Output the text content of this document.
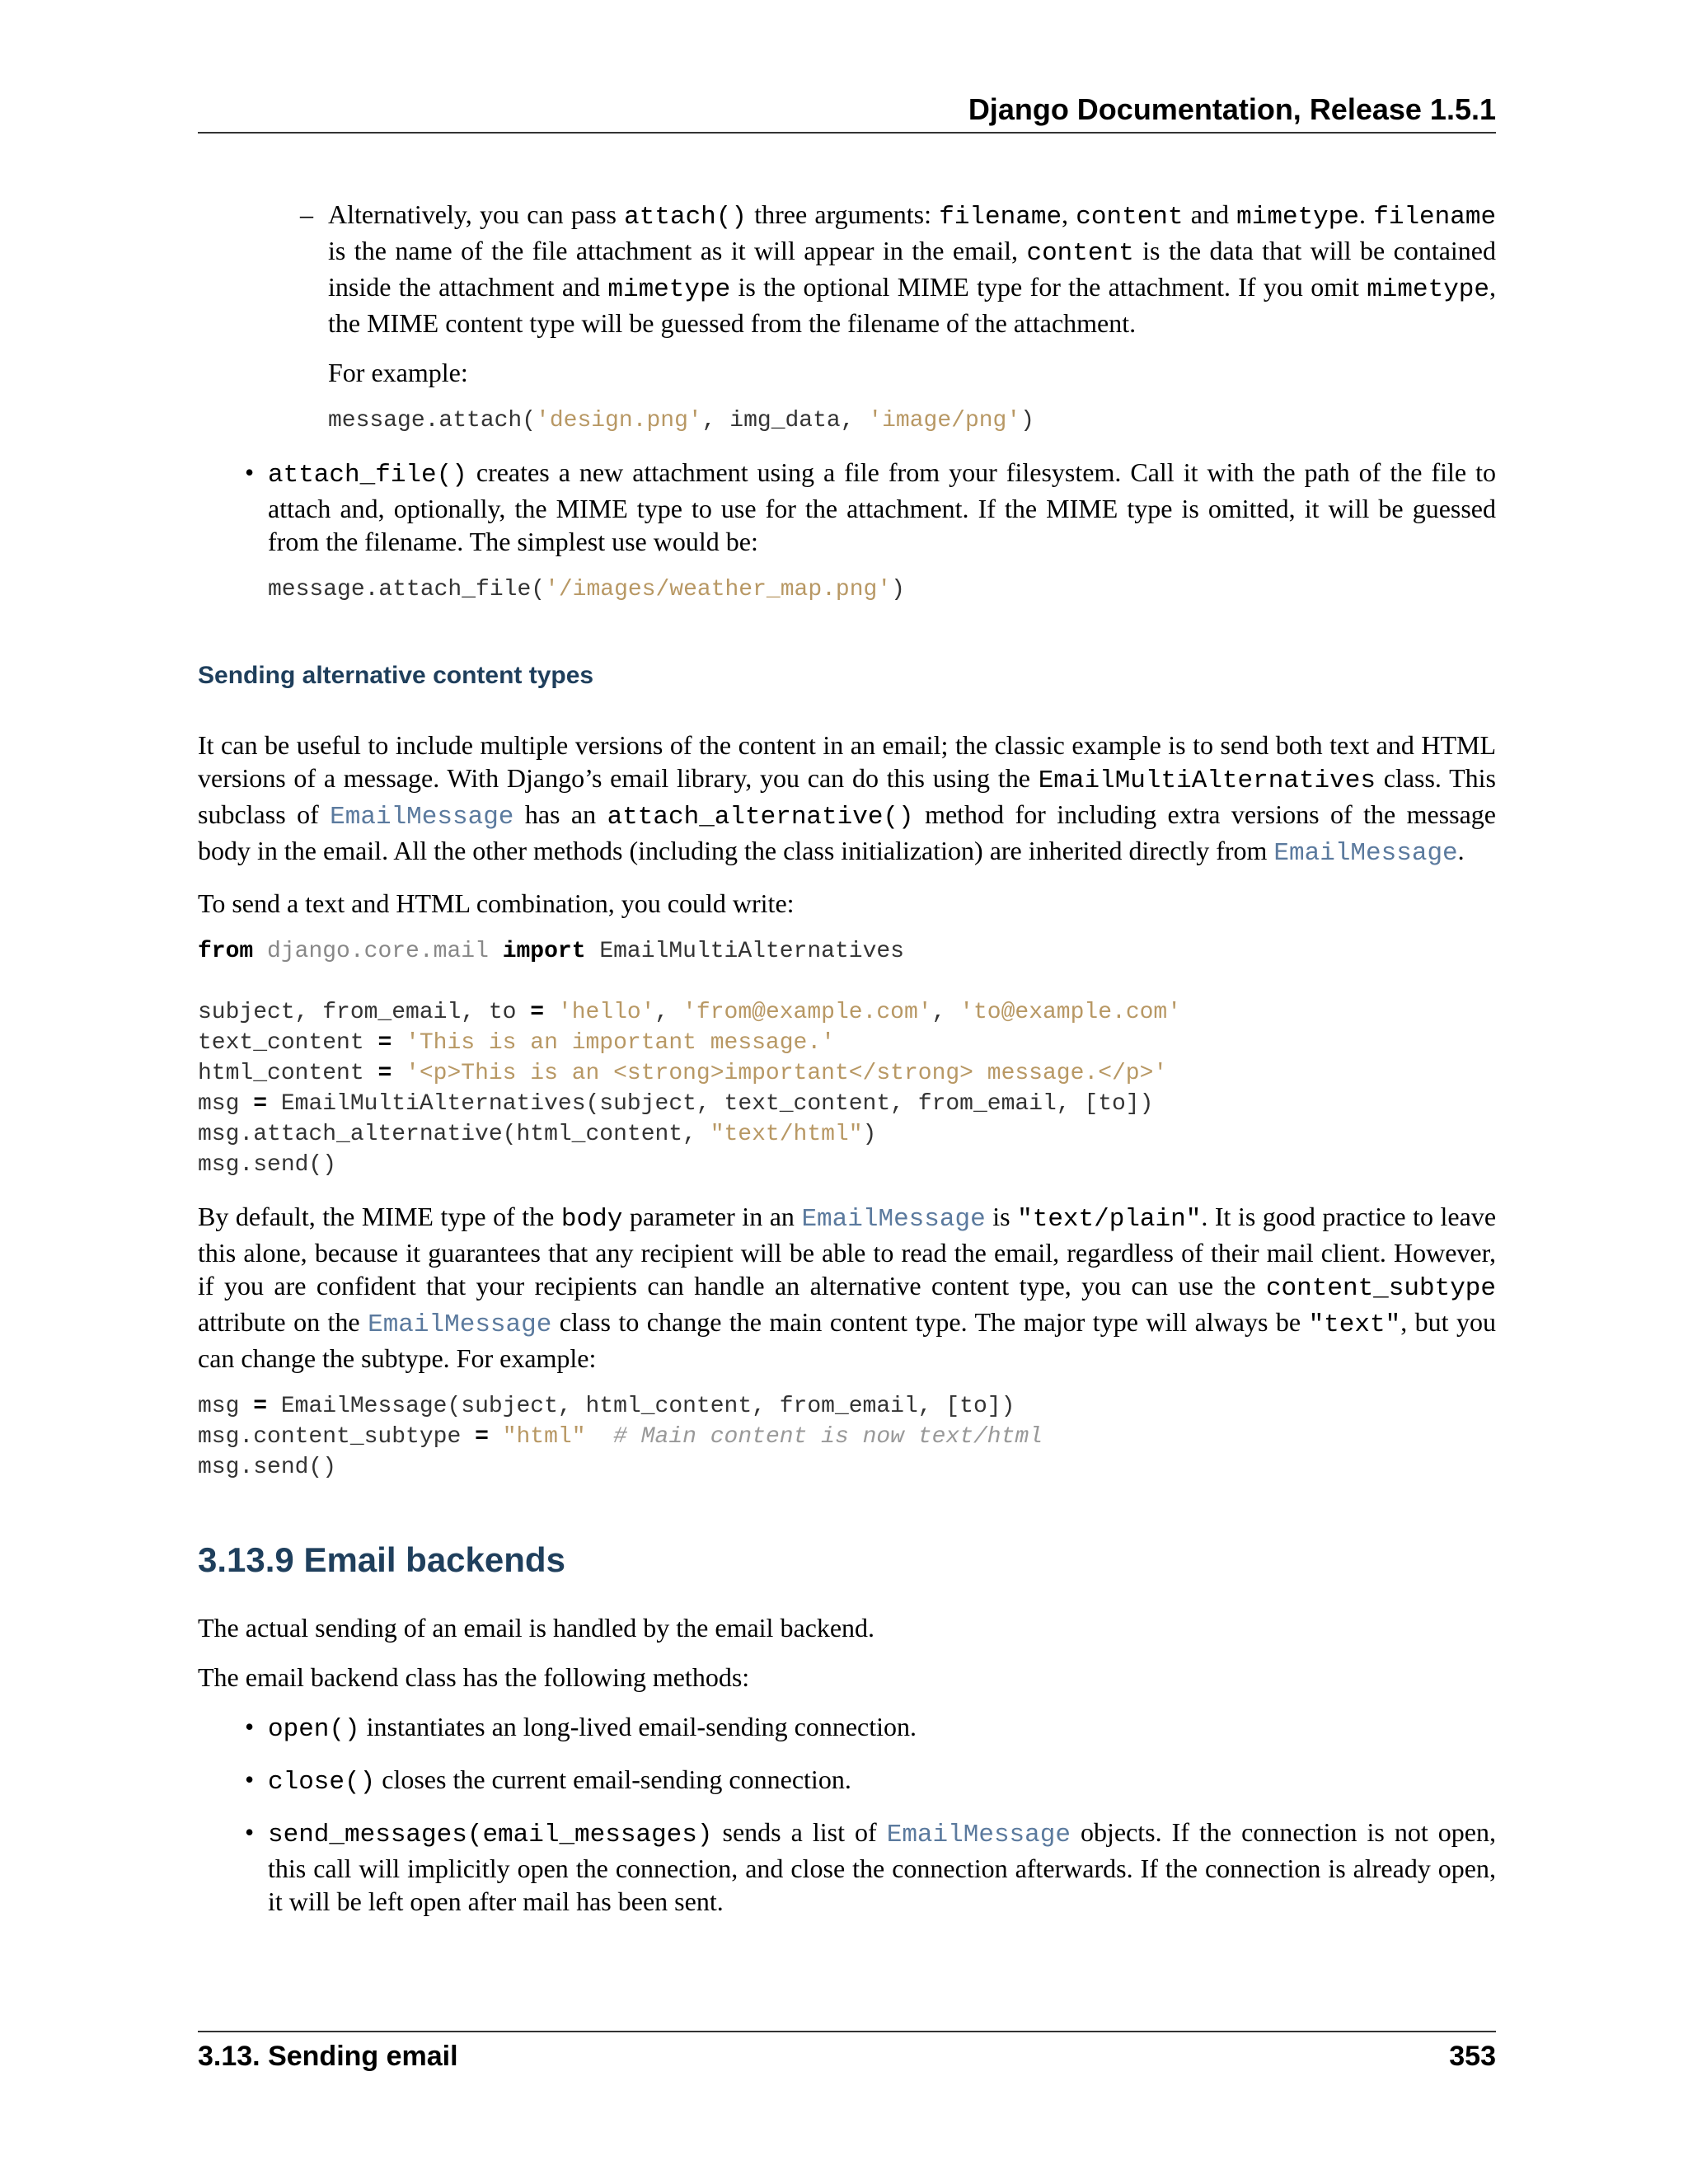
Django Documentation, Release 1.5.1
– Alternatively, you can pass attach() three arguments: filename, content and mimetype. filename is the name of the file attachment as it will appear in the email, content is the data that will be contained inside the attachment and mimetype is the optional MIME type for the attachment. If you omit mimetype, the MIME content type will be guessed from the filename of the attachment.

For example:

message.attach('design.png', img_data, 'image/png')
• attach_file() creates a new attachment using a file from your filesystem. Call it with the path of the file to attach and, optionally, the MIME type to use for the attachment. If the MIME type is omitted, it will be guessed from the filename. The simplest use would be:

message.attach_file('/images/weather_map.png')
Sending alternative content types

It can be useful to include multiple versions of the content in an email; the classic example is to send both text and HTML versions of a message. With Django’s email library, you can do this using the EmailMultiAlternatives class. This subclass of EmailMessage has an attach_alternative() method for including extra versions of the message body in the email. All the other methods (including the class initialization) are inherited directly from EmailMessage.

To send a text and HTML combination, you could write:

from django.core.mail import EmailMultiAlternatives

subject, from_email, to = 'hello', 'from@example.com', 'to@example.com'
text_content = 'This is an important message.'
html_content = '<p>This is an <strong>important</strong> message.</p>'
msg = EmailMultiAlternatives(subject, text_content, from_email, [to])
msg.attach_alternative(html_content, "text/html")
msg.send()

By default, the MIME type of the body parameter in an EmailMessage is "text/plain". It is good practice to leave this alone, because it guarantees that any recipient will be able to read the email, regardless of their mail client. However, if you are confident that your recipients can handle an alternative content type, you can use the content_subtype attribute on the EmailMessage class to change the main content type. The major type will always be "text", but you can change the subtype. For example:

msg = EmailMessage(subject, html_content, from_email, [to])
msg.content_subtype = "html" # Main content is now text/html
msg.send()
3.13.9 Email backends

The actual sending of an email is handled by the email backend.

The email backend class has the following methods:

• open() instantiates an long-lived email-sending connection.

• close() closes the current email-sending connection.

• send_messages(email_messages) sends a list of EmailMessage objects. If the connection is not open, this call will implicitly open the connection, and close the connection afterwards. If the connection is already open, it will be left open after mail has been sent.

3.13. Sending email	353
